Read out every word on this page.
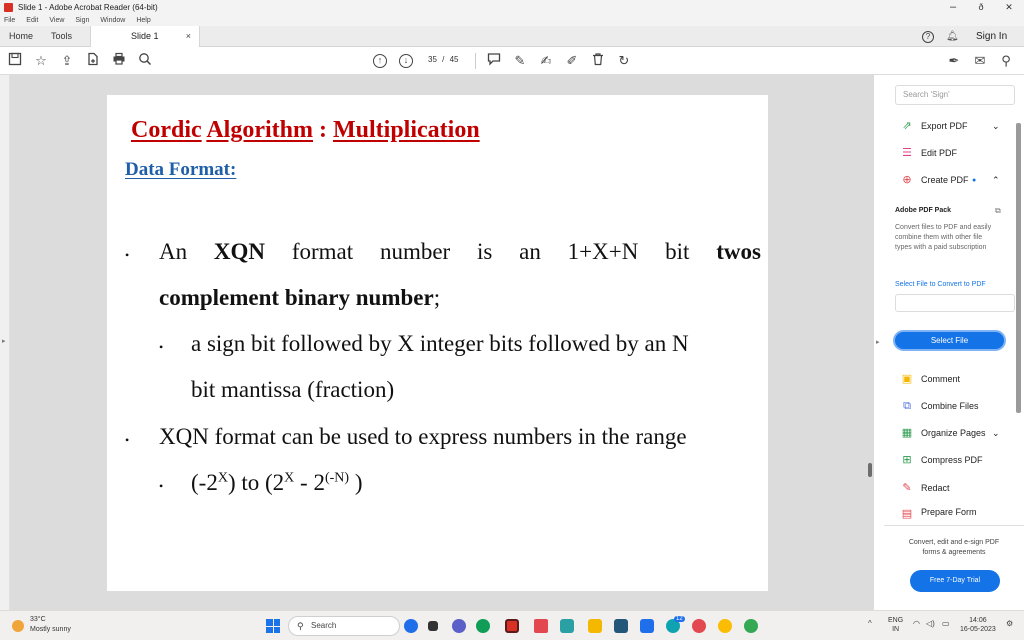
Slide 1 - Adobe Acrobat Reader (64-bit)	–	ð	✕
File Edit View Sign Window Help
Home Tools	Slide 1	×	?	🔔︎ Sign In
☆ ⇪	↑	↓	35 / 45	✎ ✍︎ ✐	↻	✒︎ ✉	⚲
▸	▸
Cordic Algorithm : Multiplication
Data Format:
• An XQN format number is an 1+X+N bit twos
complement binary number;
• a sign bit followed by X integer bits followed by an N
bit mantissa (fraction)
• XQN format can be used to express numbers in the range
• $(-2^X)$ to ($2^X - 2^{(-N)}$ )
Search 'Sign'
⇗ Export PDF	⌄
☰ Edit PDF
⊕ Create PDF ● ⌃
Adobe PDF Pack	⧉
Convert files to PDF and easily combine them with other file types with a paid subscription
Select File to Convert to PDF
Select File
▣ Comment
⧉	Combine Files
▦ Organize Pages ⌄
⊞ Compress PDF
✎ Redact
▤ Prepare Form
Convert, edit and e-sign PDF forms & agreements
Free 7-Day Trial
33°C
Mostly sunny	⚲ Search
12	^ ENG
IN
◠ ◁) ▭	14:06
16-05-2023
⚙︎
